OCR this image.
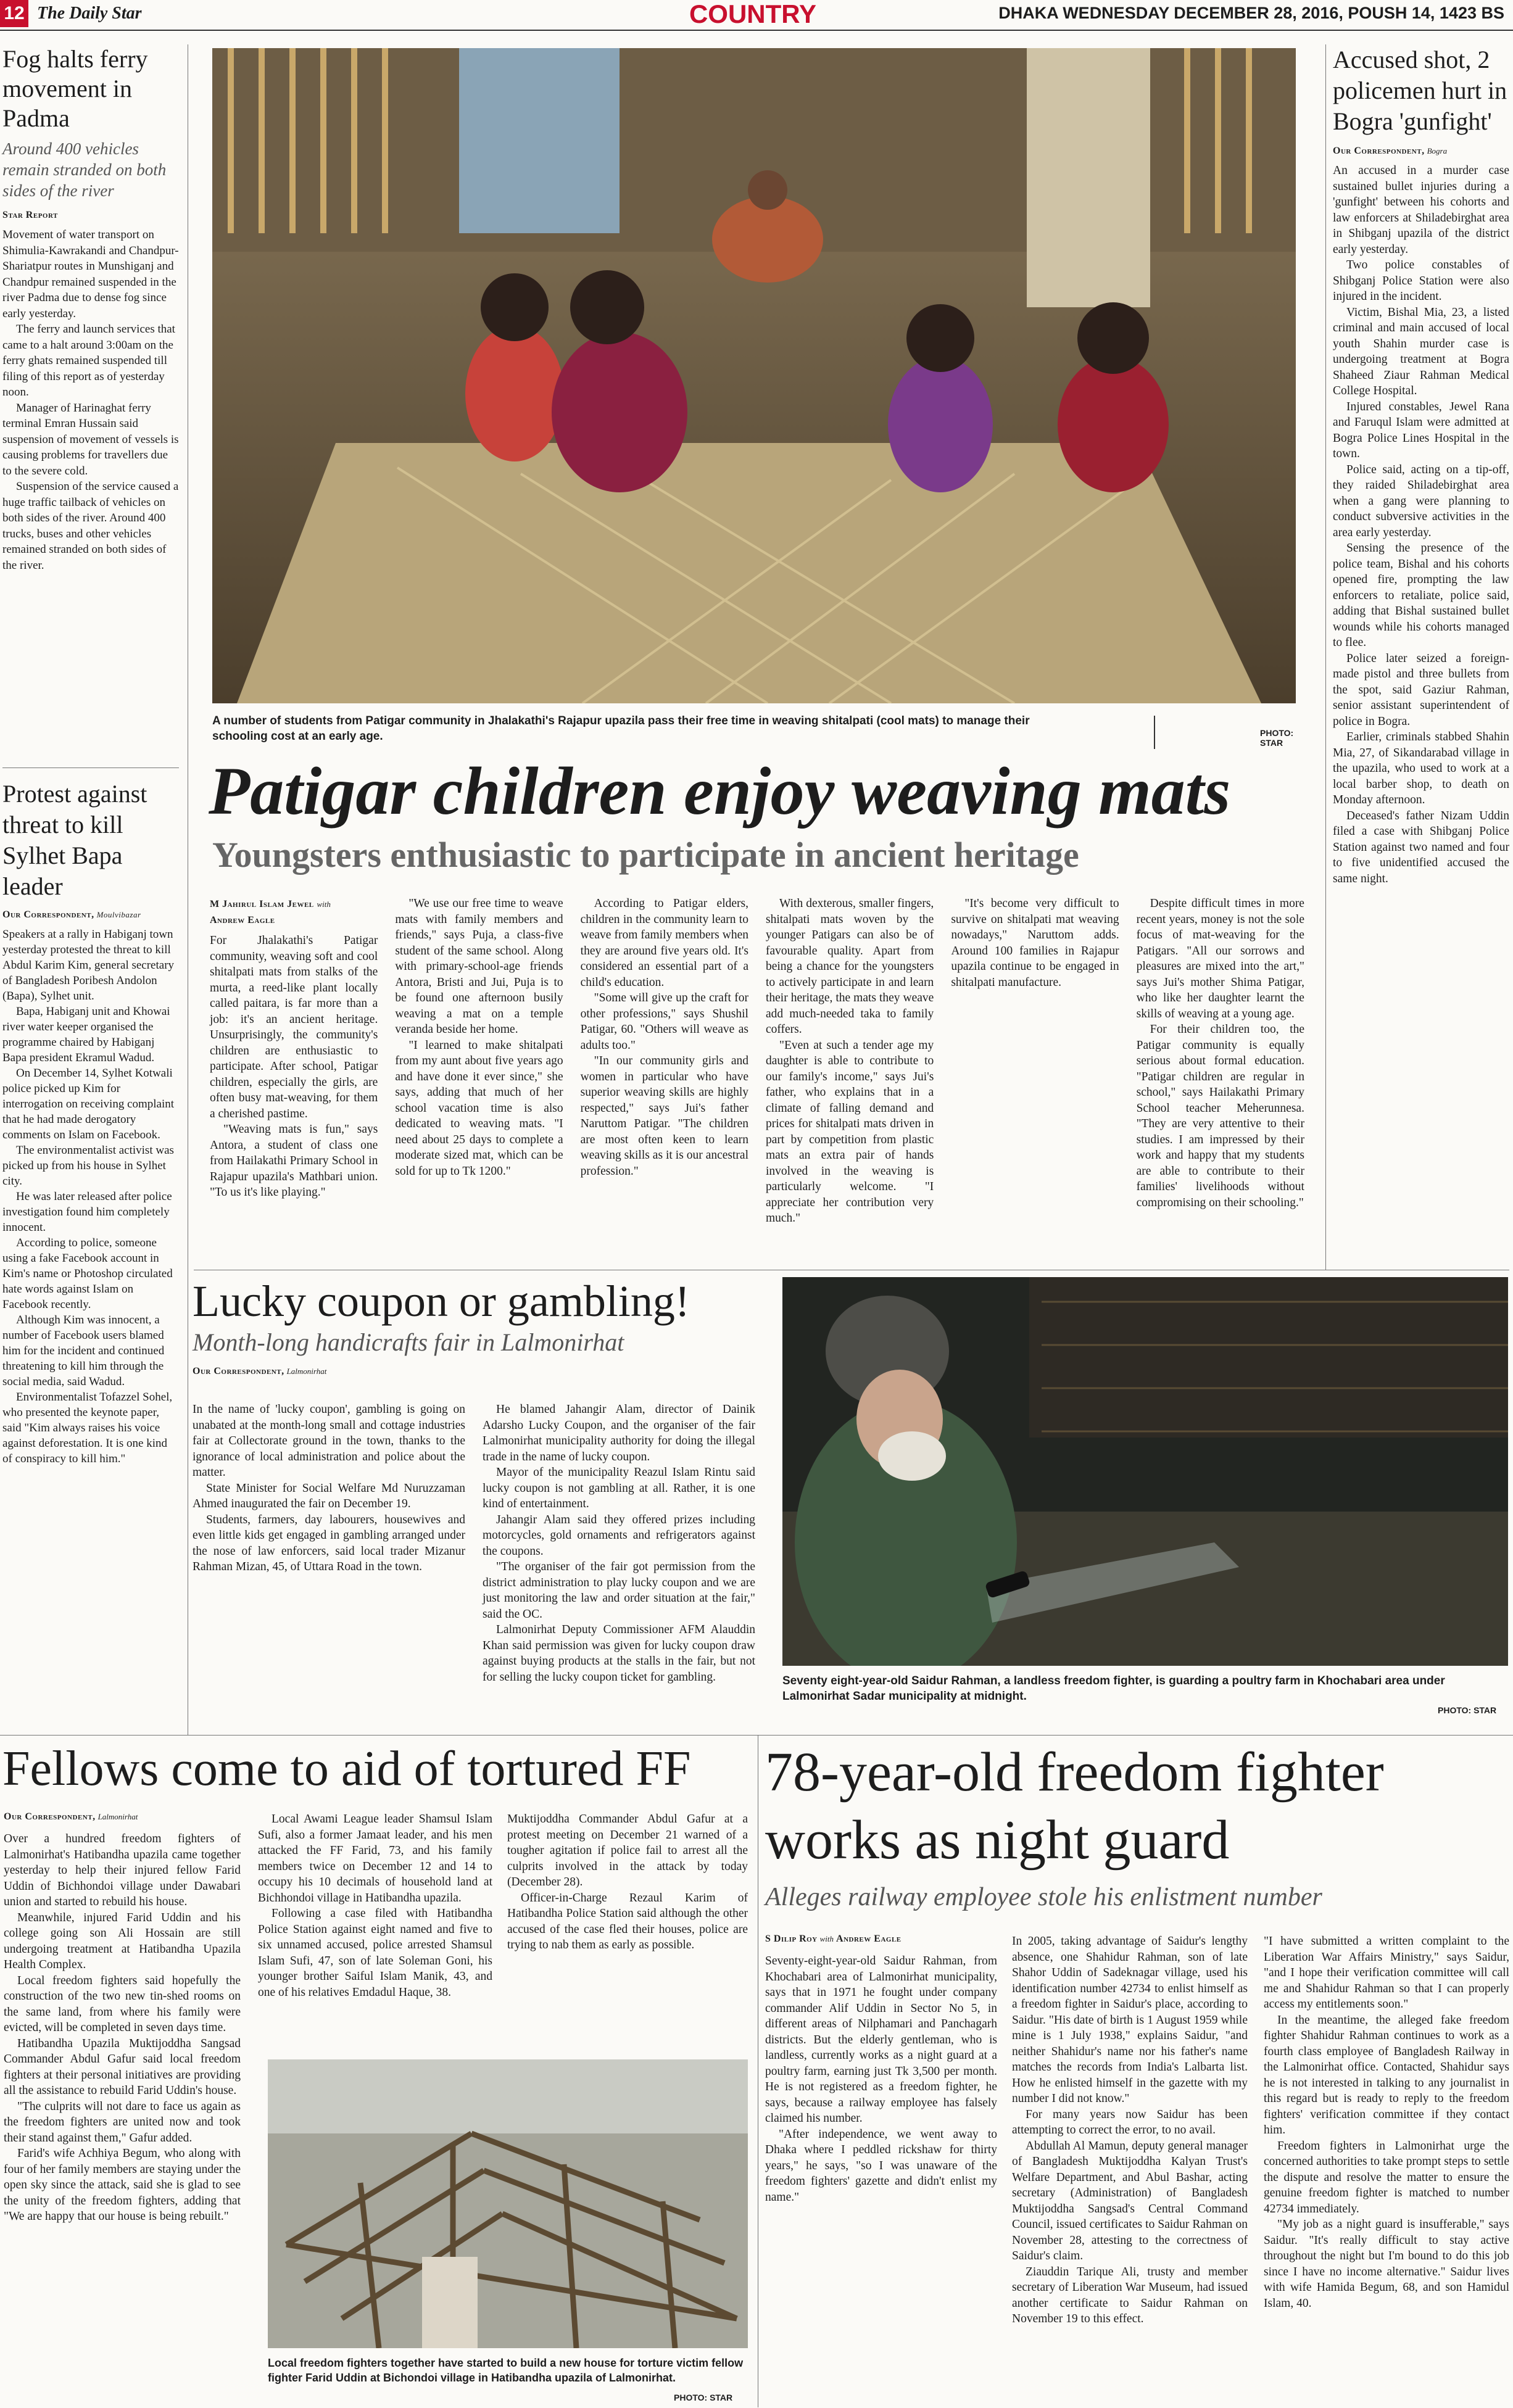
12 The Daily Star	COUNTRY	DHAKA WEDNESDAY DECEMBER 28, 2016, POUSH 14, 1423 BS
Fog halts ferry movement in Padma
Around 400 vehicles remain stranded on both sides of the river
Star Report

Movement of water transport on Shimulia-Kawrakandi and Chandpur-Shariatpur routes in Munshiganj and Chandpur remained suspended in the river Padma due to dense fog since early yesterday.

The ferry and launch services that came to a halt around 3:00am on the ferry ghats remained suspended till filing of this report as of yesterday noon.

Manager of Harinaghat ferry terminal Emran Hussain said suspension of movement of vessels is causing problems for travellers due to the severe cold.

Suspension of the service caused a huge traffic tailback of vehicles on both sides of the river. Around 400 trucks, buses and other vehicles remained stranded on both sides of the river.

Protest against threat to kill Sylhet Bapa leader
Our Correspondent, Moulvibazar

Speakers at a rally in Habiganj town yesterday protested the threat to kill Abdul Karim Kim, general secretary of Bangladesh Poribesh Andolon (Bapa), Sylhet unit.

Bapa, Habiganj unit and Khowai river water keeper organised the programme chaired by Habiganj Bapa president Ekramul Wadud.

On December 14, Sylhet Kotwali police picked up Kim for interrogation on receiving complaint that he had made derogatory comments on Islam on Facebook.

The environmentalist activist was picked up from his house in Sylhet city.

He was later released after police investigation found him completely innocent.

According to police, someone using a fake Facebook account in Kim's name or Photoshop circulated hate words against Islam on Facebook recently.

Although Kim was innocent, a number of Facebook users blamed him for the incident and continued threatening to kill him through the social media, said Wadud.

Environmentalist Tofazzel Sohel, who presented the keynote paper, said "Kim always raises his voice against deforestation. It is one kind of conspiracy to kill him."

A number of students from Patigar community in Jhalakathi's Rajapur upazila pass their free time in weaving shitalpati (cool mats) to manage their schooling cost at an early age.	PHOTO: STAR
Patigar children enjoy weaving mats
Youngsters enthusiastic to participate in ancient heritage
M Jahirul Islam Jewel with
Andrew Eagle

For Jhalakathi's Patigar community, weaving soft and cool shitalpati mats from stalks of the murta, a reed-like plant locally called paitara, is far more than a job: it's an ancient heritage. Unsurprisingly, the community's children are enthusiastic to participate. After school, Patigar children, especially the girls, are often busy mat-weaving, for them a cherished pastime.

"Weaving mats is fun," says Antora, a student of class one from Hailakathi Primary School in Rajapur upazila's Mathbari union. "To us it's like playing."

"We use our free time to weave mats with family members and friends," says Puja, a class-five student of the same school. Along with primary-school-age friends Antora, Bristi and Jui, Puja is to be found one afternoon busily weaving a mat on a temple veranda beside her home.

"I learned to make shitalpati from my aunt about five years ago and have done it ever since," she says, adding that much of her school vacation time is also dedicated to weaving mats. "I need about 25 days to complete a moderate sized mat, which can be sold for up to Tk 1200."

According to Patigar elders, children in the community learn to weave from family members when they are around five years old. It's considered an essential part of a child's education.

"Some will give up the craft for other professions," says Shushil Patigar, 60. "Others will weave as adults too."

"In our community girls and women in particular who have superior weaving skills are highly respected," says Jui's father Naruttom Patigar. "The children are most often keen to learn weaving skills as it is our ancestral profession."

With dexterous, smaller fingers, shitalpati mats woven by the younger Patigars can also be of favourable quality. Apart from being a chance for the youngsters to actively participate in and learn their heritage, the mats they weave add much-needed taka to family coffers.

"Even at such a tender age my daughter is able to contribute to our family's income," says Jui's father, who explains that in a climate of falling demand and prices for shitalpati mats driven in part by competition from plastic mats an extra pair of hands involved in the weaving is particularly welcome. "I appreciate her contribution very much."

"It's become very difficult to survive on shitalpati mat weaving nowadays," Naruttom adds. Around 100 families in Rajapur upazila continue to be engaged in shitalpati manufacture.

Despite difficult times in more recent years, money is not the sole focus of mat-weaving for the Patigars. "All our sorrows and pleasures are mixed into the art," says Jui's mother Shima Patigar, who like her daughter learnt the skills of weaving at a young age.

For their children too, the Patigar community is equally serious about formal education. "Patigar children are regular in school," says Hailakathi Primary School teacher Meherunnesa. "They are very attentive to their studies. I am impressed by their work and happy that my students are able to contribute to their families' livelihoods without compromising on their schooling."

Accused shot, 2 policemen hurt in Bogra 'gunfight'
Our Correspondent, Bogra

An accused in a murder case sustained bullet injuries during a 'gunfight' between his cohorts and law enforcers at Shiladebirghat area in Shibganj upazila of the district early yesterday.

Two police constables of Shibganj Police Station were also injured in the incident.

Victim, Bishal Mia, 23, a listed criminal and main accused of local youth Shahin murder case is undergoing treatment at Bogra Shaheed Ziaur Rahman Medical College Hospital.

Injured constables, Jewel Rana and Faruqul Islam were admitted at Bogra Police Lines Hospital in the town.

Police said, acting on a tip-off, they raided Shiladebirghat area when a gang were planning to conduct subversive activities in the area early yesterday.

Sensing the presence of the police team, Bishal and his cohorts opened fire, prompting the law enforcers to retaliate, police said, adding that Bishal sustained bullet wounds while his cohorts managed to flee.

Police later seized a foreign-made pistol and three bullets from the spot, said Gaziur Rahman, senior assistant superintendent of police in Bogra.

Earlier, criminals stabbed Shahin Mia, 27, of Sikandarabad village in the upazila, who used to work at a local barber shop, to death on Monday afternoon.

Deceased's father Nizam Uddin filed a case with Shibganj Police Station against two named and four to five unidentified accused the same night.

Lucky coupon or gambling!
Month-long handicrafts fair in Lalmonirhat
Our Correspondent, Lalmonirhat

In the name of 'lucky coupon', gambling is going on unabated at the month-long small and cottage industries fair at Collectorate ground in the town, thanks to the ignorance of local administration and police about the matter.

State Minister for Social Welfare Md Nuruzzaman Ahmed inaugurated the fair on December 19.

Students, farmers, day labourers, housewives and even little kids get engaged in gambling arranged under the nose of law enforcers, said local trader Mizanur Rahman Mizan, 45, of Uttara Road in the town.

He blamed Jahangir Alam, director of Dainik Adarsho Lucky Coupon, and the organiser of the fair Lalmonirhat municipality authority for doing the illegal trade in the name of lucky coupon.

Mayor of the municipality Reazul Islam Rintu said lucky coupon is not gambling at all. Rather, it is one kind of entertainment.

Jahangir Alam said they offered prizes including motorcycles, gold ornaments and refrigerators against the coupons.

"The organiser of the fair got permission from the district administration to play lucky coupon and we are just monitoring the law and order situation at the fair," said the OC.

Lalmonirhat Deputy Commissioner AFM Alauddin Khan said permission was given for lucky coupon draw against buying products at the stalls in the fair, but not for selling the lucky coupon ticket for gambling.	Seventy eight-year-old Saidur Rahman, a landless freedom fighter, is guarding a poultry farm in Khochabari area under Lalmonirhat Sadar municipality at midnight.
PHOTO: STAR
Fellows come to aid of tortured FF
Our Correspondent, Lalmonirhat

Over a hundred freedom fighters of Lalmonirhat's Hatibandha upazila came together yesterday to help their injured fellow Farid Uddin of Bichhondoi village under Dawabari union and started to rebuild his house.

Meanwhile, injured Farid Uddin and his college going son Ali Hossain are still undergoing treatment at Hatibandha Upazila Health Complex.

Local freedom fighters said hopefully the construction of the two new tin-shed rooms on the same land, from where his family were evicted, will be completed in seven days time.

Hatibandha Upazila Muktijoddha Sangsad Commander Abdul Gafur said local freedom fighters at their personal initiatives are providing all the assistance to rebuild Farid Uddin's house.

"The culprits will not dare to face us again as the freedom fighters are united now and took their stand against them," Gafur added.

Farid's wife Achhiya Begum, who along with four of her family members are staying under the open sky since the attack, said she is glad to see the unity of the freedom fighters, adding that "We are happy that our house is being rebuilt."

Local Awami League leader Shamsul Islam Sufi, also a former Jamaat leader, and his men attacked the FF Farid, 73, and his family members twice on December 12 and 14 to occupy his 10 decimals of household land at Bichhondoi village in Hatibandha upazila.

Following a case filed with Hatibandha Police Station against eight named and five to six unnamed accused, police arrested Shamsul Islam Sufi, 47, son of late Soleman Goni, his younger brother Saiful Islam Manik, 43, and one of his relatives Emdadul Haque, 38.

Muktijoddha Commander Abdul Gafur at a protest meeting on December 21 warned of a tougher agitation if police fail to arrest all the culprits involved in the attack by today (December 28).

Officer-in-Charge Rezaul Karim of Hatibandha Police Station said although the other accused of the case fled their houses, police are trying to nab them as early as possible.

Local freedom fighters together have started to build a new house for torture victim fellow fighter Farid Uddin at Bichondoi village in Hatibandha upazila of Lalmonirhat.
PHOTO: STAR
78-year-old freedom fighter works as night guard
Alleges railway employee stole his enlistment number
S Dilip Roy with Andrew Eagle

Seventy-eight-year-old Saidur Rahman, from Khochabari area of Lalmonirhat municipality, says that in 1971 he fought under company commander Alif Uddin in Sector No 5, in different areas of Nilphamari and Panchagarh districts. But the elderly gentleman, who is landless, currently works as a night guard at a poultry farm, earning just Tk 3,500 per month. He is not registered as a freedom fighter, he says, because a railway employee has falsely claimed his number.

"After independence, we went away to Dhaka where I peddled rickshaw for thirty years," he says, "so I was unaware of the freedom fighters' gazette and didn't enlist my name."

In 2005, taking advantage of Saidur's lengthy absence, one Shahidur Rahman, son of late Shahor Uddin of Sadeknagar village, used his identification number 42734 to enlist himself as a freedom fighter in Saidur's place, according to Saidur. "His date of birth is 1 August 1959 while mine is 1 July 1938," explains Saidur, "and neither Shahidur's name nor his father's name matches the records from India's Lalbarta list. How he enlisted himself in the gazette with my number I did not know."

For many years now Saidur has been attempting to correct the error, to no avail.

Abdullah Al Mamun, deputy general manager of Bangladesh Muktijoddha Kalyan Trust's Welfare Department, and Abul Bashar, acting secretary (Administration) of Bangladesh Muktijoddha Sangsad's Central Command Council, issued certificates to Saidur Rahman on November 28, attesting to the correctness of Saidur's claim.

Ziauddin Tarique Ali, trusty and member secretary of Liberation War Museum, had issued another certificate to Saidur Rahman on November 19 to this effect.

"I have submitted a written complaint to the Liberation War Affairs Ministry," says Saidur, "and I hope their verification committee will call me and Shahidur Rahman so that I can properly access my entitlements soon."

In the meantime, the alleged fake freedom fighter Shahidur Rahman continues to work as a fourth class employee of Bangladesh Railway in the Lalmonirhat office. Contacted, Shahidur says he is not interested in talking to any journalist in this regard but is ready to reply to the freedom fighters' verification committee if they contact him.

Freedom fighters in Lalmonirhat urge the concerned authorities to take prompt steps to settle the dispute and resolve the matter to ensure the genuine freedom fighter is matched to number 42734 immediately.

"My job as a night guard is insufferable," says Saidur. "It's really difficult to stay active throughout the night but I'm bound to do this job since I have no income alternative." Saidur lives with wife Hamida Begum, 68, and son Hamidul Islam, 40.
